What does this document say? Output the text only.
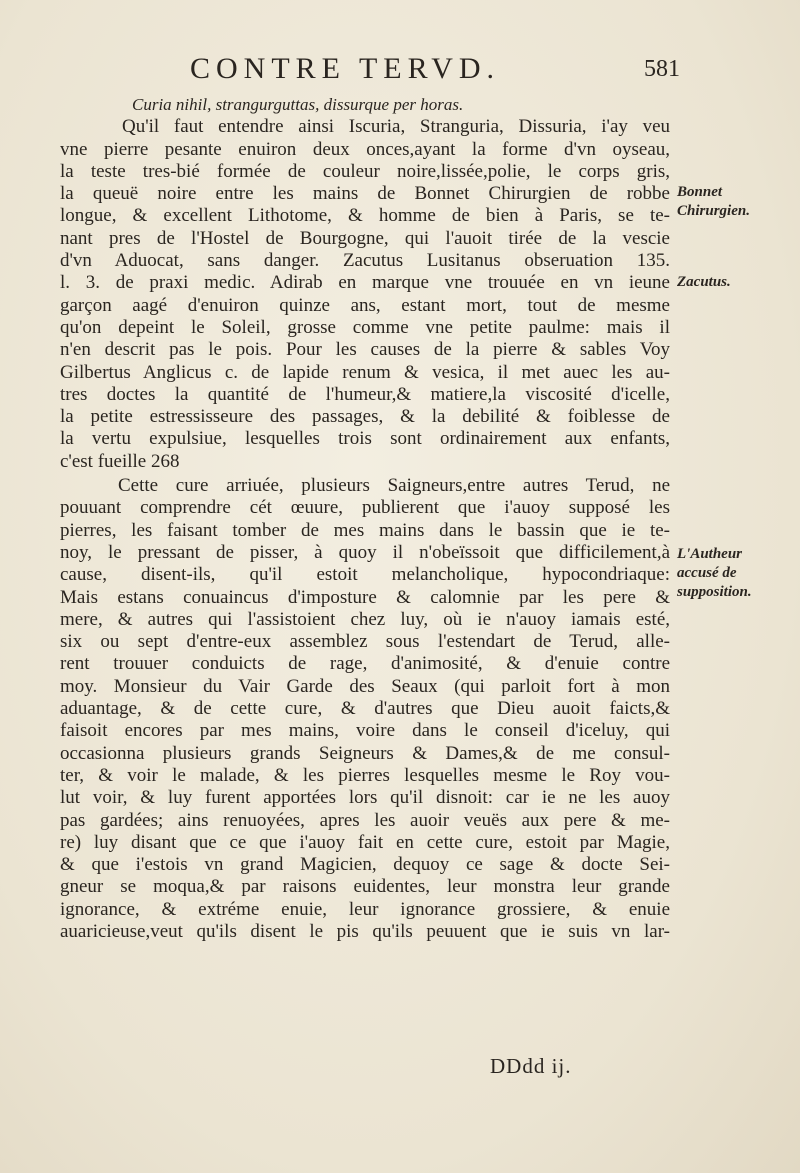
CONTRE TERVD.	581
Curia nihil, strangurguttas, dissurque per horas.
Qu'il faut entendre ainsi Iscuria, Stranguria, Dissuria, i'ay veu
vne pierre pesante enuiron deux onces,ayant la forme d'vn oyseau,
la teste tres-bié formée de couleur noire,lissée,polie, le corps gris,
la queuë noire entre les mains de Bonnet Chirurgien de robbe
longue, & excellent Lithotome, & homme de bien à Paris, se te-
nant pres de l'Hostel de Bourgogne, qui l'auoit tirée de la vescie
d'vn Aduocat, sans danger. Zacutus Lusitanus obseruation 135.
l. 3. de praxi medic. Adirab en marque vne trouuée en vn ieune
garçon aagé d'enuiron quinze ans, estant mort, tout de mesme
qu'on depeint le Soleil, grosse comme vne petite paulme: mais il
n'en descrit pas le pois. Pour les causes de la pierre & sables Voy
Gilbertus Anglicus c. de lapide renum & vesica, il met auec les au-
tres doctes la quantité de l'humeur,& matiere,la viscosité d'icelle,
la petite estressisseure des passages, & la debilité & foiblesse de
la vertu expulsiue, lesquelles trois sont ordinairement aux enfants,
c'est fueille 268
Cette cure arriuée, plusieurs Saigneurs,entre autres Terud, ne
pouuant comprendre cét œuure, publierent que i'auoy supposé les
pierres, les faisant tomber de mes mains dans le bassin que ie te-
noy, le pressant de pisser, à quoy il n'obeïssoit que difficilement,à
cause, disent-ils, qu'il estoit melancholique, hypocondriaque:
Mais estans conuaincus d'imposture & calomnie par les pere &
mere, & autres qui l'assistoient chez luy, où ie n'auoy iamais esté,
six ou sept d'entre-eux assemblez sous l'estendart de Terud, alle-
rent trouuer conduicts de rage, d'animosité, & d'enuie contre
moy. Monsieur du Vair Garde des Seaux (qui parloit fort à mon
aduantage, & de cette cure, & d'autres que Dieu auoit faicts,&
faisoit encores par mes mains, voire dans le conseil d'iceluy, qui
occasionna plusieurs grands Seigneurs & Dames,& de me consul-
ter, & voir le malade, & les pierres lesquelles mesme le Roy vou-
lut voir, & luy furent apportées lors qu'il disnoit: car ie ne les auoy
pas gardées; ains renuoyées, apres les auoir veuës aux pere & me-
re) luy disant que ce que i'auoy fait en cette cure, estoit par Magie,
& que i'estois vn grand Magicien, dequoy ce sage & docte Sei-
gneur se moqua,& par raisons euidentes, leur monstra leur grande
ignorance, & extréme enuie, leur ignorance grossiere, & enuie
auaricieuse,veut qu'ils disent le pis qu'ils peuuent que ie suis vn lar-
Bonnet Chirurgien.
Zacutus.
L'Autheur accusé de supposition.
DDdd ij.
